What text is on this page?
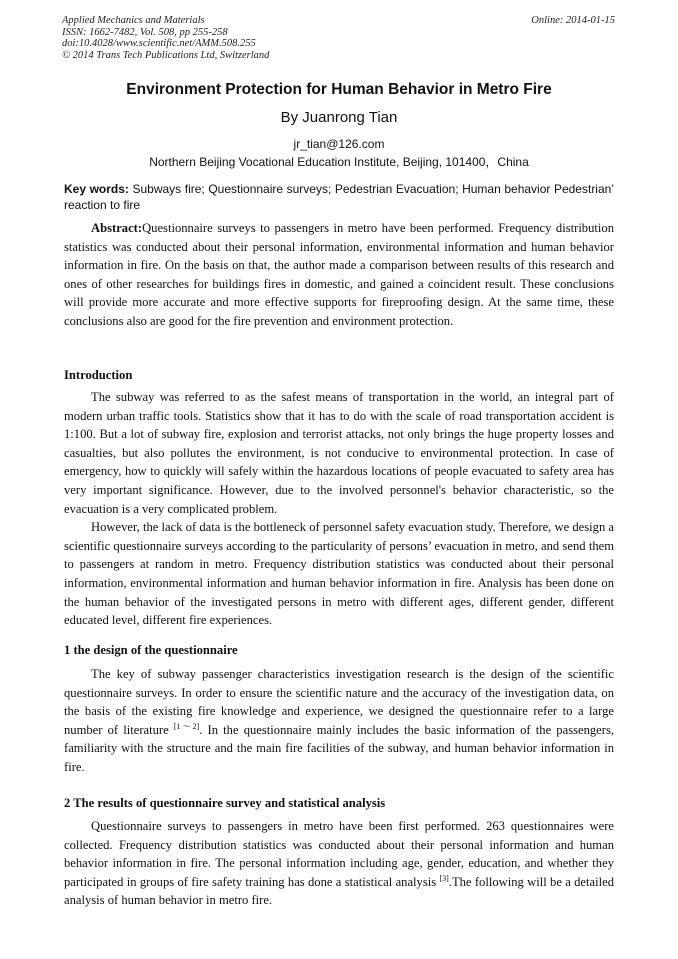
Applied Mechanics and Materials
ISSN: 1662-7482, Vol. 508, pp 255-258
doi:10.4028/www.scientific.net/AMM.508.255
© 2014 Trans Tech Publications Ltd, Switzerland
Online: 2014-01-15
Environment Protection for Human Behavior in Metro Fire
By Juanrong Tian
jr_tian@126.com
Northern Beijing Vocational Education Institute, Beijing, 101400，China
Key words: Subways fire; Questionnaire surveys; Pedestrian Evacuation; Human behavior Pedestrian’ reaction to fire

Abstract:Questionnaire surveys to passengers in metro have been performed. Frequency distribution statistics was conducted about their personal information, environmental information and human behavior information in fire. On the basis on that, the author made a comparison between results of this research and ones of other researches for buildings fires in domestic, and gained a coincident result. These conclusions will provide more accurate and more effective supports for fireproofing design. At the same time, these conclusions also are good for the fire prevention and environment protection.

Introduction

The subway was referred to as the safest means of transportation in the world, an integral part of modern urban traffic tools. Statistics show that it has to do with the scale of road transportation accident is 1:100. But a lot of subway fire, explosion and terrorist attacks, not only brings the huge property losses and casualties, but also pollutes the environment, is not conducive to environmental protection. In case of emergency, how to quickly will safely within the hazardous locations of people evacuated to safety area has very important significance. However, due to the involved personnel's behavior characteristic, so the evacuation is a very complicated problem.

However, the lack of data is the bottleneck of personnel safety evacuation study. Therefore, we design a scientific questionnaire surveys according to the particularity of persons’ evacuation in metro, and send them to passengers at random in metro. Frequency distribution statistics was conducted about their personal information, environmental information and human behavior information in fire. Analysis has been done on the human behavior of the investigated persons in metro with different ages, different gender, different educated level, different fire experiences.

1 the design of the questionnaire

The key of subway passenger characteristics investigation research is the design of the scientific questionnaire surveys. In order to ensure the scientific nature and the accuracy of the investigation data, on the basis of the existing fire knowledge and experience, we designed the questionnaire refer to a large number of literature [1～2]. In the questionnaire mainly includes the basic information of the passengers, familiarity with the structure and the main fire facilities of the subway, and human behavior information in fire.

2 The results of questionnaire survey and statistical analysis

Questionnaire surveys to passengers in metro have been first performed. 263 questionnaires were collected. Frequency distribution statistics was conducted about their personal information and human behavior information in fire. The personal information including age, gender, education, and whether they participated in groups of fire safety training has done a statistical analysis [3].The following will be a detailed analysis of human behavior in metro fire.
